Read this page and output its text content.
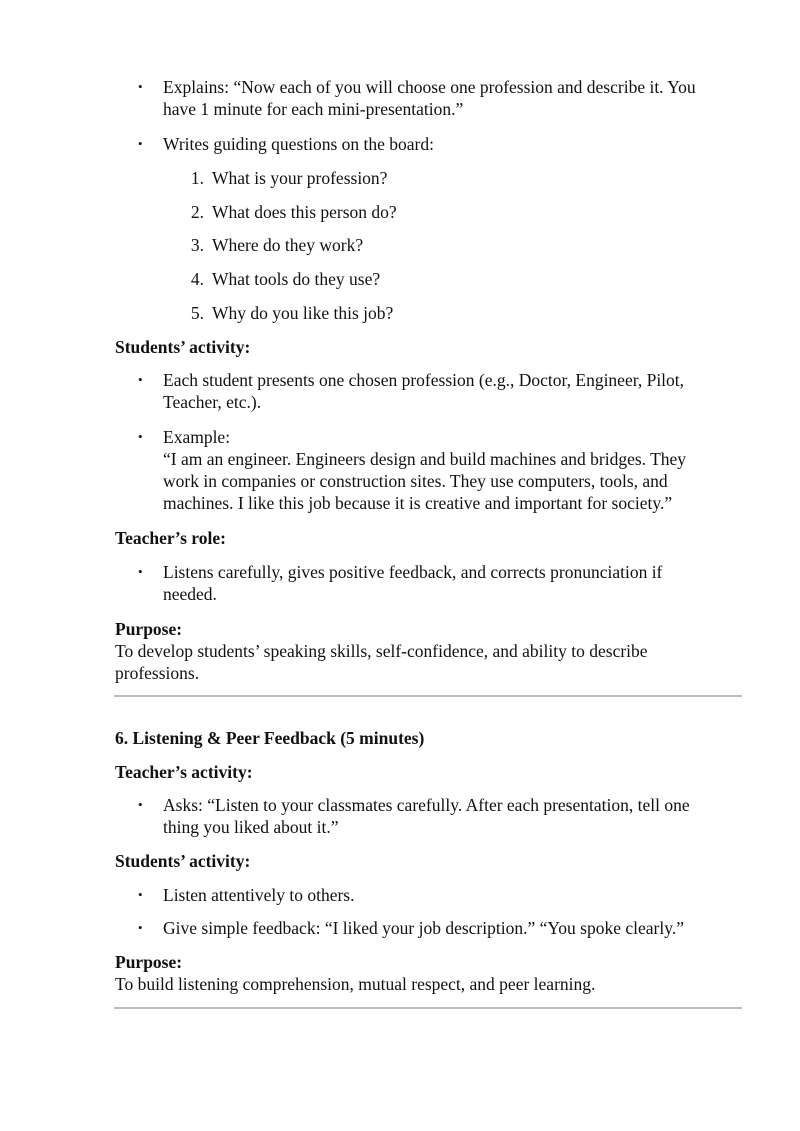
• Explains: “Now each of you will choose one profession and describe it. You
have 1 minute for each mini-presentation.”
• Writes guiding questions on the board:
1. What is your profession?
2. What does this person do?
3. Where do they work?
4. What tools do they use?
5. Why do you like this job?
Students’ activity:
• Each student presents one chosen profession (e.g., Doctor, Engineer, Pilot,
Teacher, etc.).
• Example:
“I am an engineer. Engineers design and build machines and bridges. They
work in companies or construction sites. They use computers, tools, and
machines. I like this job because it is creative and important for society.”
Teacher’s role:
• Listens carefully, gives positive feedback, and corrects pronunciation if
needed.
Purpose:
To develop students’ speaking skills, self-confidence, and ability to describe
professions.
6. Listening & Peer Feedback (5 minutes)
Teacher’s activity:
• Asks: “Listen to your classmates carefully. After each presentation, tell one
thing you liked about it.”
Students’ activity:
• Listen attentively to others.
• Give simple feedback: “I liked your job description.” “You spoke clearly.”
Purpose:
To build listening comprehension, mutual respect, and peer learning.
